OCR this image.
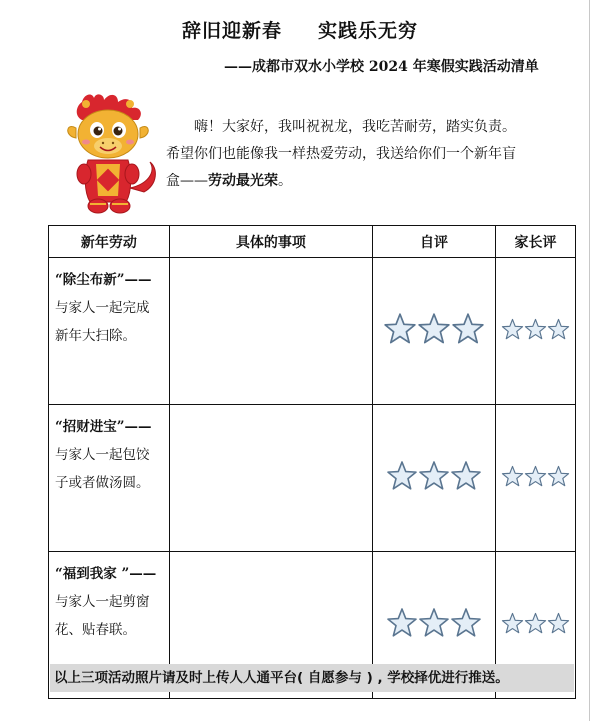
辞旧迎新春 实践乐无穷
——成都市双水小学校 2024 年寒假实践活动清单

嗨！大家好，我叫祝祝龙，我吃苦耐劳，踏实负责。

希望你们也能像我一样热爱劳动，我送给你们一个新年盲

盒——劳动最光荣。

新年劳动	具体的事项	自评	家长评

“除尘布新”——
与家人一起完成
新年大扫除。

“招财进宝”——
与家人一起包饺
子或者做汤圆。

“福到我家 ”——
与家人一起剪窗
花、贴春联。

以上三项活动照片请及时上传人人通平台( 自愿参与 ) , 学校择优进行推送。
